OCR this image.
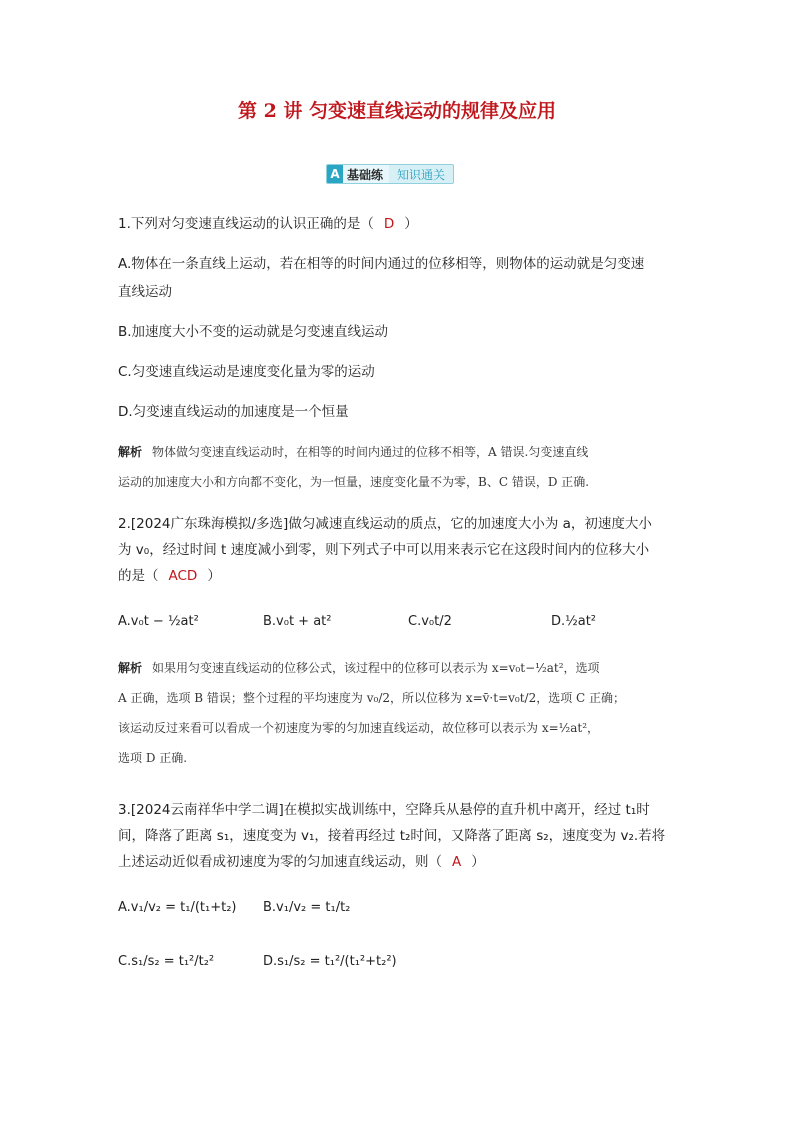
第 2 讲 匀变速直线运动的规律及应用
A 基础练	知识通关
1.下列对匀变速直线运动的认识正确的是（ D ）
A.物体在一条直线上运动，若在相等的时间内通过的位移相等，则物体的运动就是匀变速
直线运动
B.加速度大小不变的运动就是匀变速直线运动
C.匀变速直线运动是速度变化量为零的运动
D.匀变速直线运动的加速度是一个恒量
解析 物体做匀变速直线运动时，在相等的时间内通过的位移不相等，A 错误.匀变速直线
运动的加速度大小和方向都不变化，为一恒量，速度变化量不为零，B、C 错误，D 正确.
2.[2024广东珠海模拟/多选]做匀减速直线运动的质点，它的加速度大小为 a，初速度大小
为 v₀，经过时间 t 速度减小到零，则下列式子中可以用来表示它在这段时间内的位移大小
的是（ ACD ）
A.v₀t − ½at²	B.v₀t + at²	C.v₀t/2	D.½at²
解析 如果用匀变速直线运动的位移公式，该过程中的位移可以表示为 x=v₀t−½at²，选项
A 正确，选项 B 错误；整个过程的平均速度为 v₀/2，所以位移为 x=v̄·t=v₀t/2，选项 C 正确；
该运动反过来看可以看成一个初速度为零的匀加速直线运动，故位移可以表示为 x=½at²，
选项 D 正确.
3.[2024云南祥华中学二调]在模拟实战训练中，空降兵从悬停的直升机中离开，经过 t₁时
间，降落了距离 s₁，速度变为 v₁，接着再经过 t₂时间，又降落了距离 s₂，速度变为 v₂.若将
上述运动近似看成初速度为零的匀加速直线运动，则（ A ）
A.v₁/v₂ = t₁/(t₁+t₂) B.v₁/v₂ = t₁/t₂
C.s₁/s₂ = t₁²/t₂²	D.s₁/s₂ = t₁²/(t₁²+t₂²)
